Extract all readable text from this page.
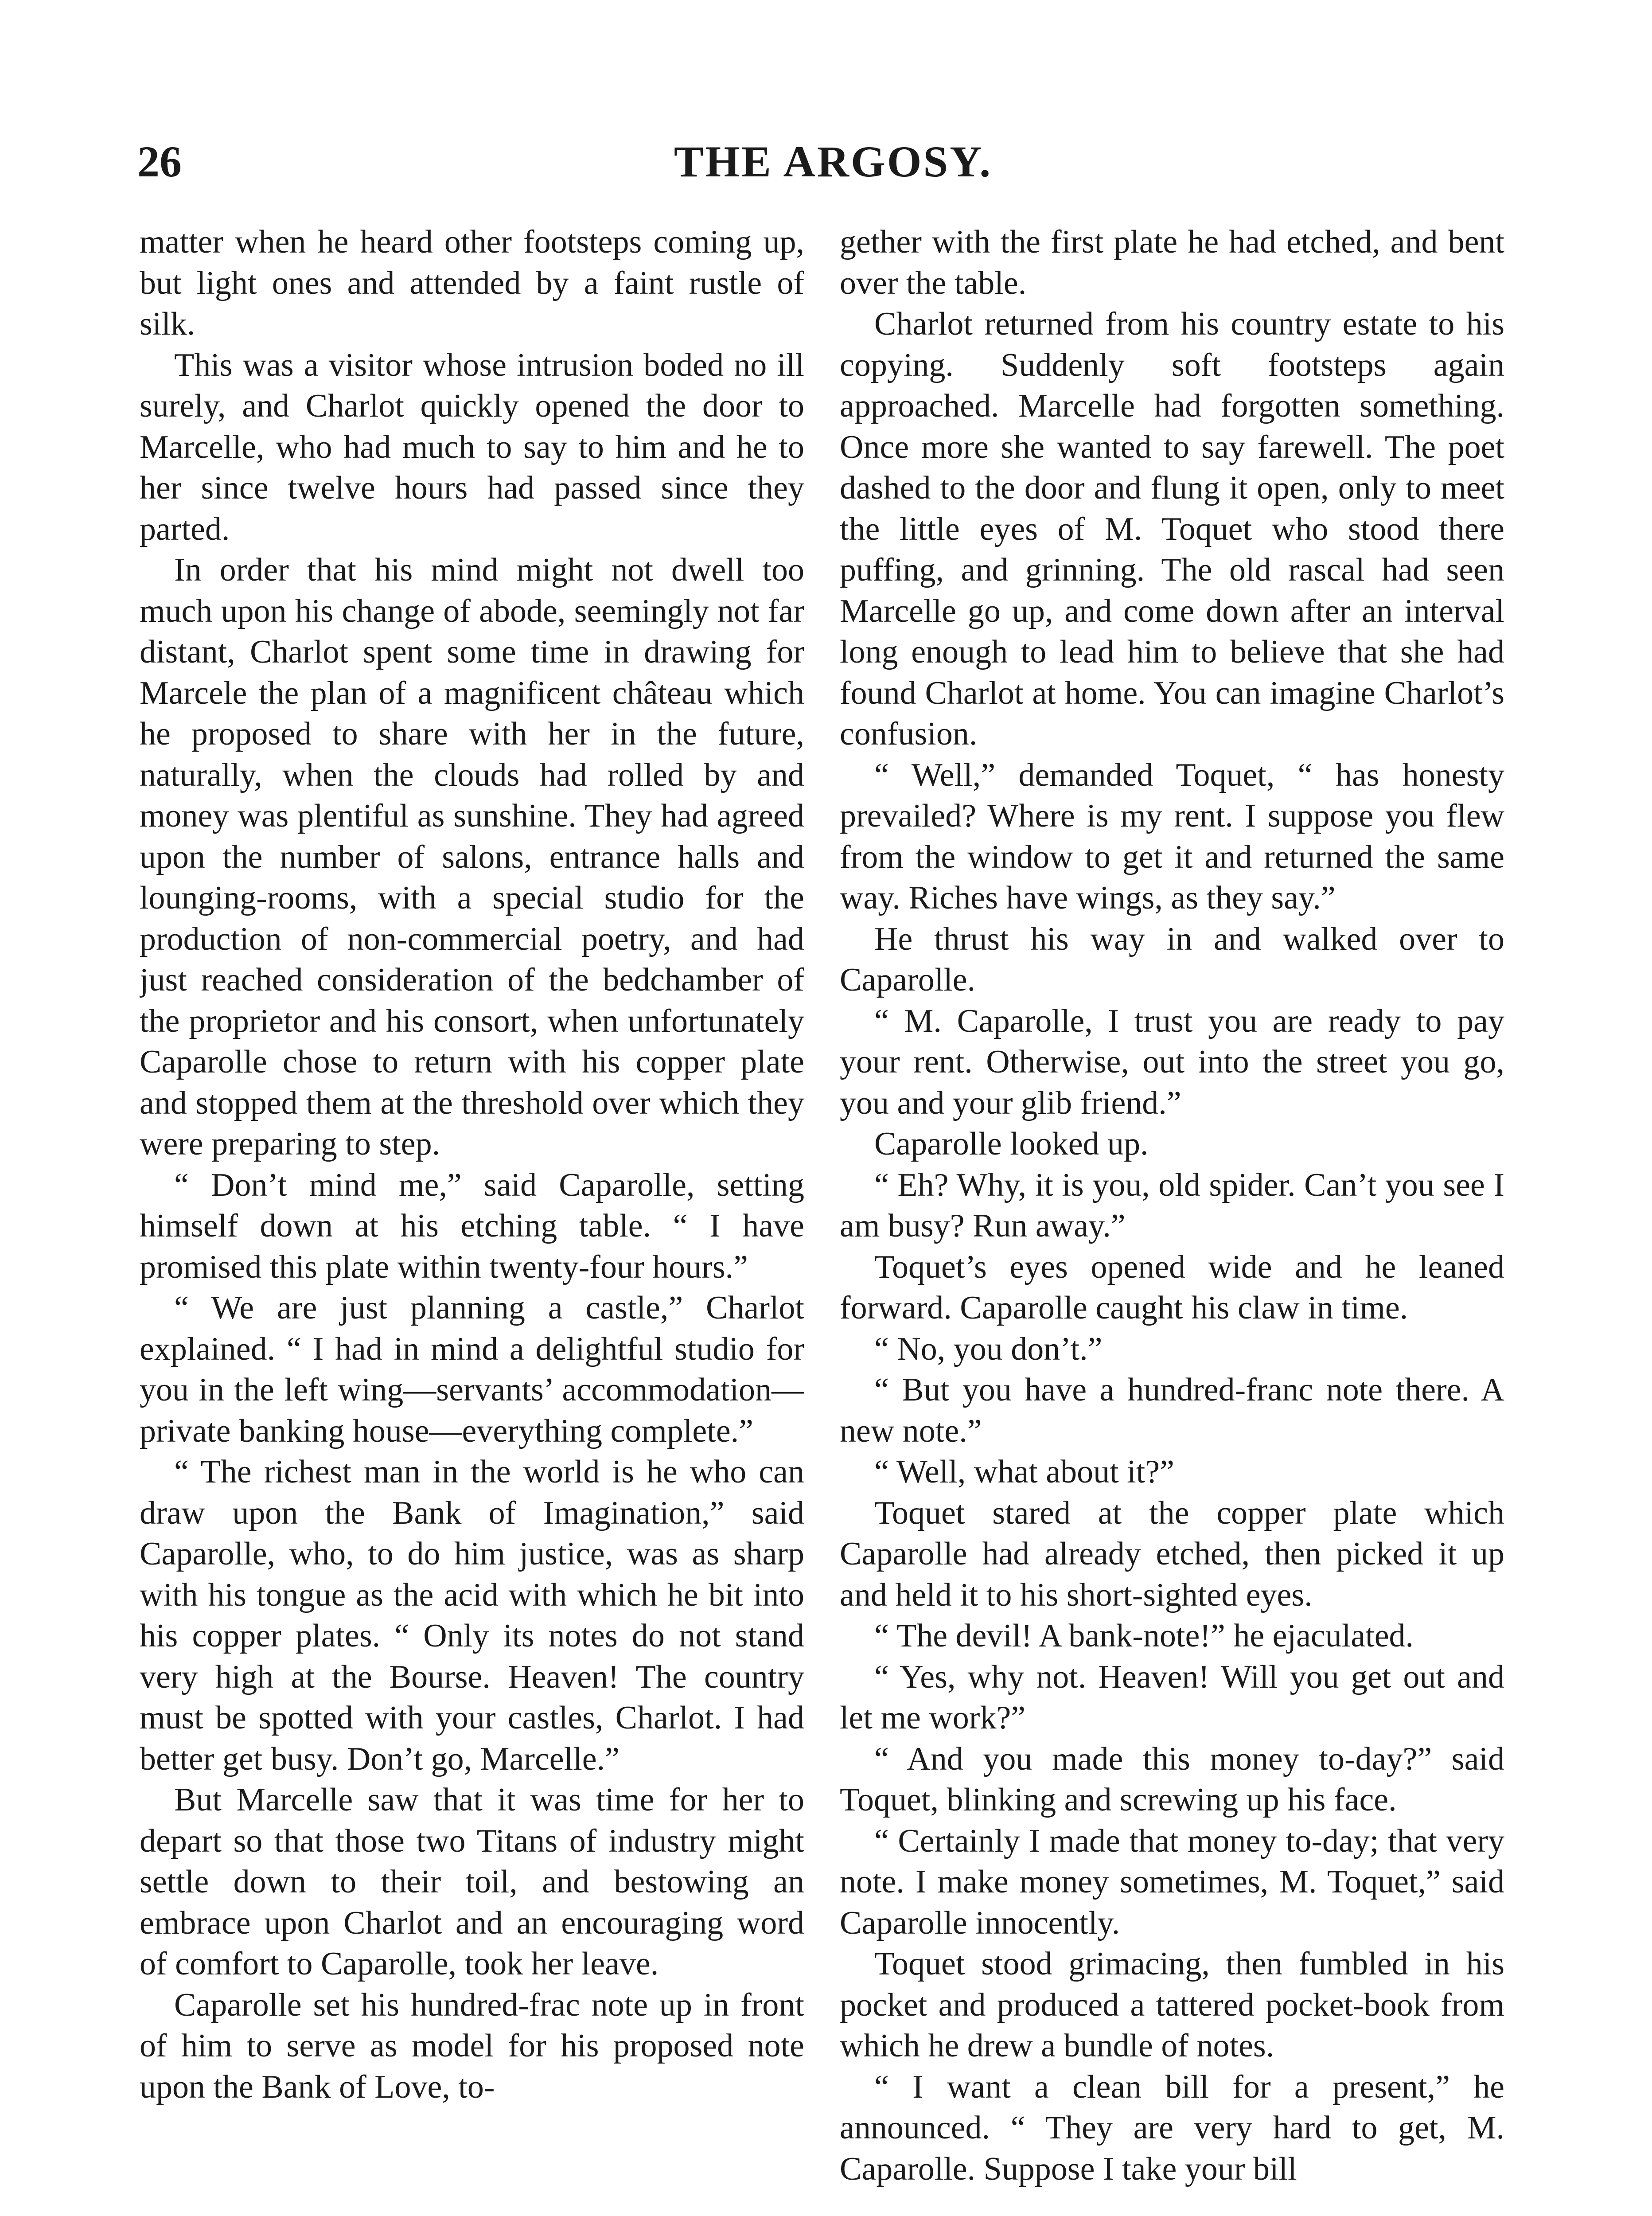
26	THE ARGOSY.

matter when he heard other footsteps coming up, but light ones and attended by a faint rustle of silk.

This was a visitor whose intrusion boded no ill surely, and Charlot quickly opened the door to Marcelle, who had much to say to him and he to her since twelve hours had passed since they parted.

In order that his mind might not dwell too much upon his change of abode, seemingly not far distant, Charlot spent some time in drawing for Marcele the plan of a magnificent château which he proposed to share with her in the future, naturally, when the clouds had rolled by and money was plentiful as sunshine. They had agreed upon the number of salons, entrance halls and lounging-rooms, with a special studio for the production of non-commercial poetry, and had just reached consideration of the bedchamber of the proprietor and his consort, when unfortunately Caparolle chose to return with his copper plate and stopped them at the threshold over which they were preparing to step.

“ Don’t mind me,” said Caparolle, setting himself down at his etching table. “ I have promised this plate within twenty-four hours.”

“ We are just planning a castle,” Charlot explained. “ I had in mind a delightful studio for you in the left wing—servants’ accommodation—private banking house—everything complete.”

“ The richest man in the world is he who can draw upon the Bank of Imagination,” said Caparolle, who, to do him justice, was as sharp with his tongue as the acid with which he bit into his copper plates. “ Only its notes do not stand very high at the Bourse. Heaven! The country must be spotted with your castles, Charlot. I had better get busy. Don’t go, Marcelle.”

But Marcelle saw that it was time for her to depart so that those two Titans of industry might settle down to their toil, and bestowing an embrace upon Charlot and an encouraging word of comfort to Caparolle, took her leave.

Caparolle set his hundred-frac note up in front of him to serve as model for his proposed note upon the Bank of Love, to-

gether with the first plate he had etched, and bent over the table.

Charlot returned from his country estate to his copying. Suddenly soft footsteps again approached. Marcelle had forgotten something. Once more she wanted to say farewell. The poet dashed to the door and flung it open, only to meet the little eyes of M. Toquet who stood there puffing, and grinning. The old rascal had seen Marcelle go up, and come down after an interval long enough to lead him to believe that she had found Charlot at home. You can imagine Charlot’s confusion.

“ Well,” demanded Toquet, “ has honesty prevailed? Where is my rent. I suppose you flew from the window to get it and returned the same way. Riches have wings, as they say.”

He thrust his way in and walked over to Caparolle.

“ M. Caparolle, I trust you are ready to pay your rent. Otherwise, out into the street you go, you and your glib friend.”

Caparolle looked up.

“ Eh? Why, it is you, old spider. Can’t you see I am busy? Run away.”

Toquet’s eyes opened wide and he leaned forward. Caparolle caught his claw in time.

“ No, you don’t.”

“ But you have a hundred-franc note there. A new note.”

“ Well, what about it?”

Toquet stared at the copper plate which Caparolle had already etched, then picked it up and held it to his short-sighted eyes.

“ The devil! A bank-note!” he ejaculated.

“ Yes, why not. Heaven! Will you get out and let me work?”

“ And you made this money to-day?” said Toquet, blinking and screwing up his face.

“ Certainly I made that money to-day; that very note. I make money sometimes, M. Toquet,” said Caparolle innocently.

Toquet stood grimacing, then fumbled in his pocket and produced a tattered pocket-book from which he drew a bundle of notes.

“ I want a clean bill for a present,” he announced. “ They are very hard to get, M. Caparolle. Suppose I take your bill
